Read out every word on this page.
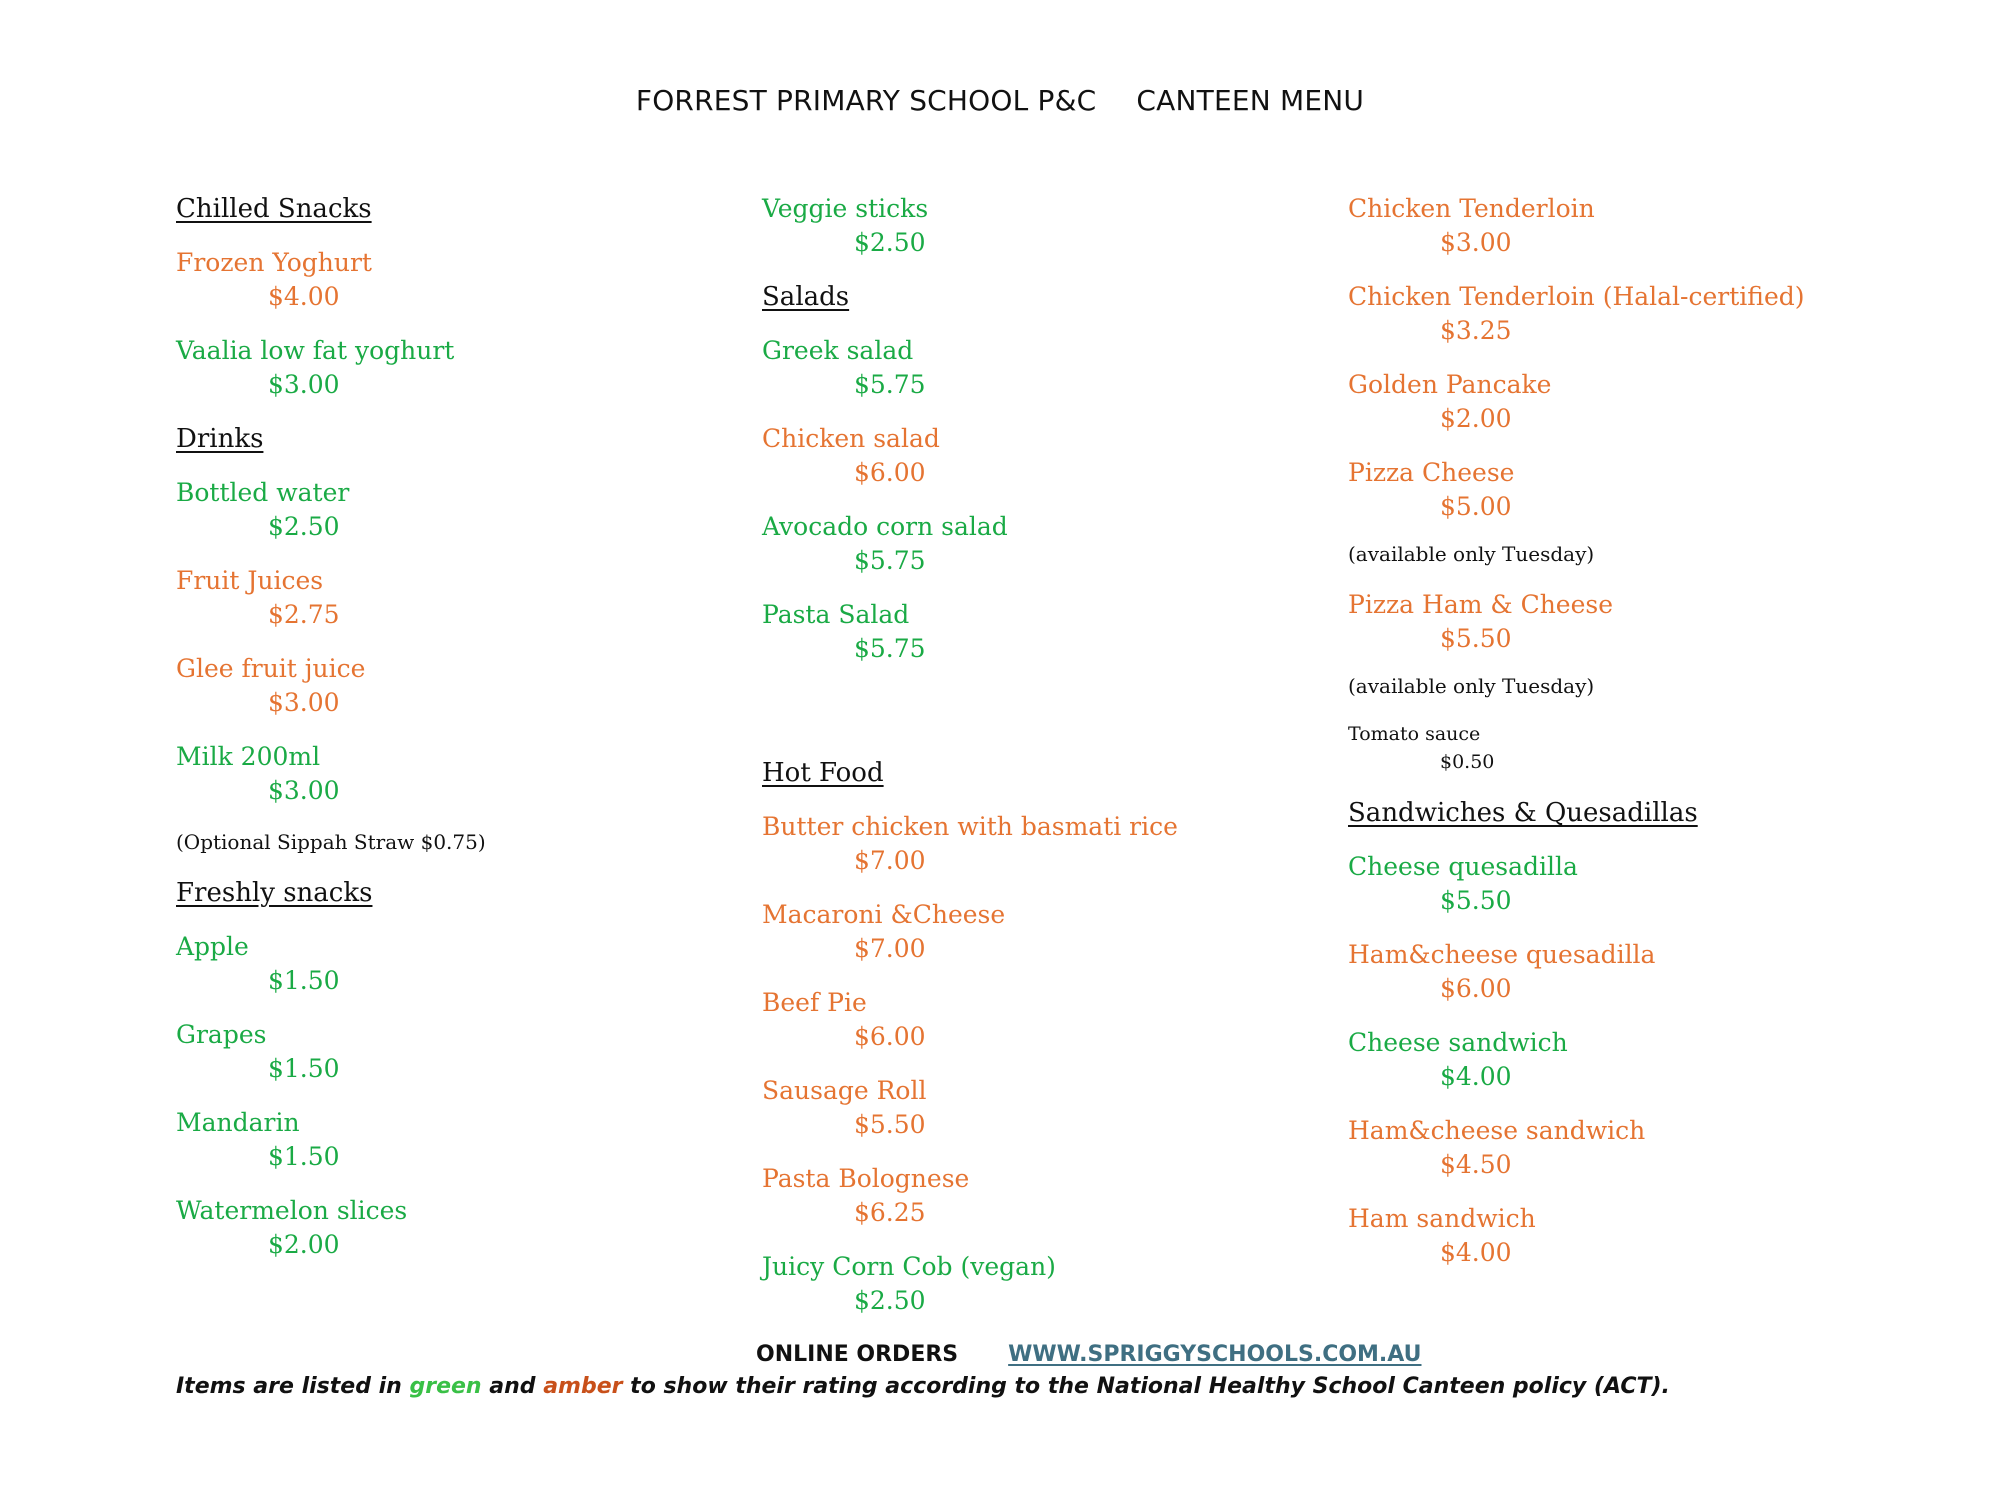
FORREST PRIMARY SCHOOL P&C CANTEEN MENU
Chilled Snacks
Frozen Yoghurt
$4.00
Vaalia low fat yoghurt
$3.00
Drinks
Bottled water
$2.50
Fruit Juices
$2.75
Glee fruit juice
$3.00
Milk 200ml
$3.00
(Optional Sippah Straw $0.75)
Freshly snacks
Apple
$1.50
Grapes
$1.50
Mandarin
$1.50
Watermelon slices
$2.00
Veggie sticks
$2.50
Salads
Greek salad
$5.75
Chicken salad
$6.00
Avocado corn salad
$5.75
Pasta Salad
$5.75
Hot Food
Butter chicken with basmati rice
$7.00
Macaroni &Cheese
$7.00
Beef Pie
$6.00
Sausage Roll
$5.50
Pasta Bolognese
$6.25
Juicy Corn Cob (vegan)
$2.50
Chicken Tenderloin
$3.00
Chicken Tenderloin (Halal-certified)
$3.25
Golden Pancake
$2.00
Pizza Cheese
$5.00
(available only Tuesday)
Pizza Ham & Cheese
$5.50
(available only Tuesday)
Tomato sauce
$0.50
Sandwiches & Quesadillas
Cheese quesadilla
$5.50
Ham&cheese quesadilla
$6.00
Cheese sandwich
$4.00
Ham&cheese sandwich
$4.50
Ham sandwich
$4.00
ONLINE ORDERS WWW.SPRIGGYSCHOOLS.COM.AU
Items are listed in green and amber to show their rating according to the National Healthy School Canteen policy (ACT).
